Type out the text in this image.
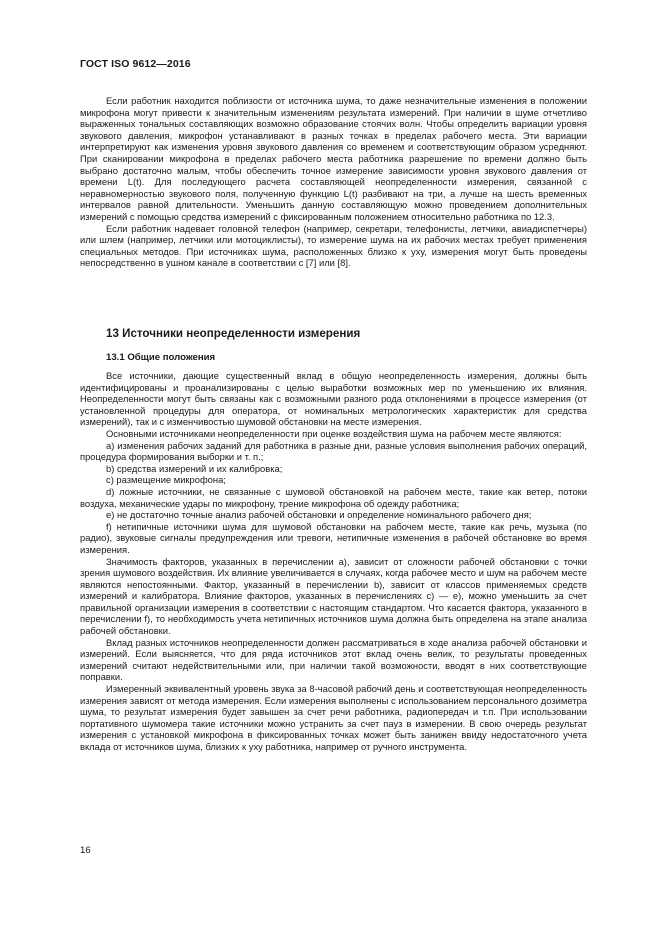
ГОСТ ISO 9612—2016

Если работник находится поблизости от источника шума, то даже незначительные изменения в положении микрофона могут привести к значительным изменениям результата измерений. При наличии в шуме отчетливо выраженных тональных составляющих возможно образование стоячих волн. Чтобы определить вариации уровня звукового давления, микрофон устанавливают в разных точках в пределах рабочего места. Эти вариации интерпретируют как изменения уровня звукового давления со временем и соответствующим образом усредняют. При сканировании микрофона в пределах рабочего места работника разрешение по времени должно быть выбрано достаточно малым, чтобы обеспечить точное измерение зависимости уровня звукового давления от времени L(t). Для последующего расчета составляющей неопределенности измерения, связанной с неравномерностью звукового поля, полученную функцию L(t) разбивают на три, а лучше на шесть временных интервалов равной длительности. Уменьшить данную составляющую можно проведением дополнительных измерений с помощью средства измерений с фиксированным положением относительно работника по 12.3.

Если работник надевает головной телефон (например, секретари, телефонисты, летчики, авиадиспетчеры) или шлем (например, летчики или мотоциклисты), то измерение шума на их рабочих местах требует применения специальных методов. При источниках шума, расположенных близко к уху, измерения могут быть проведены непосредственно в ушном канале в соответствии с [7] или [8].

13 Источники неопределенности измерения
13.1 Общие положения

Все источники, дающие существенный вклад в общую неопределенность измерения, должны быть идентифицированы и проанализированы с целью выработки возможных мер по уменьшению их влияния. Неопределенности могут быть связаны как с возможными разного рода отклонениями в процессе измерения (от установленной процедуры для оператора, от номинальных метрологических характеристик для средства измерений), так и с изменчивостью шумовой обстановки на месте измерения.

Основными источниками неопределенности при оценке воздействия шума на рабочем месте являются:

a) изменения рабочих заданий для работника в разные дни, разные условия выполнения рабочих операций, процедура формирования выборки и т. п.;

b) средства измерений и их калибровка;

c) размещение микрофона;

d) ложные источники, не связанные с шумовой обстановкой на рабочем месте, такие как ветер, потоки воздуха, механические удары по микрофону, трение микрофона об одежду работника;

e) не достаточно точные анализ рабочей обстановки и определение номинального рабочего дня;

f) нетипичные источники шума для шумовой обстановки на рабочем месте, такие как речь, музыка (по радио), звуковые сигналы предупреждения или тревоги, нетипичные изменения в рабочей обстановке во время измерения.

Значимость факторов, указанных в перечислении a), зависит от сложности рабочей обстановки с точки зрения шумового воздействия. Их влияние увеличивается в случаях, когда рабочее место и шум на рабочем месте являются непостоянными. Фактор, указанный в перечислении b), зависит от классов применяемых средств измерений и калибратора. Влияние факторов, указанных в перечислениях c) — e), можно уменьшить за счет правильной организации измерения в соответствии с настоящим стандартом. Что касается фактора, указанного в перечислении f), то необходимость учета нетипичных источников шума должна быть определена на этапе анализа рабочей обстановки.

Вклад разных источников неопределенности должен рассматриваться в ходе анализа рабочей обстановки и измерений. Если выясняется, что для ряда источников этот вклад очень велик, то результаты проведенных измерений считают недействительными или, при наличии такой возможности, вводят в них соответствующие поправки.

Измеренный эквивалентный уровень звука за 8-часовой рабочий день и соответствующая неопределенность измерения зависят от метода измерения. Если измерения выполнены с использованием персонального дозиметра шума, то результат измерения будет завышен за счет речи работника, радиопередач и т.п. При использовании портативного шумомера такие источники можно устранить за счет пауз в измерении. В свою очередь результат измерения с установкой микрофона в фиксированных точках может быть занижен ввиду недостаточного учета вклада от источников шума, близких к уху работника, например от ручного инструмента.

16
